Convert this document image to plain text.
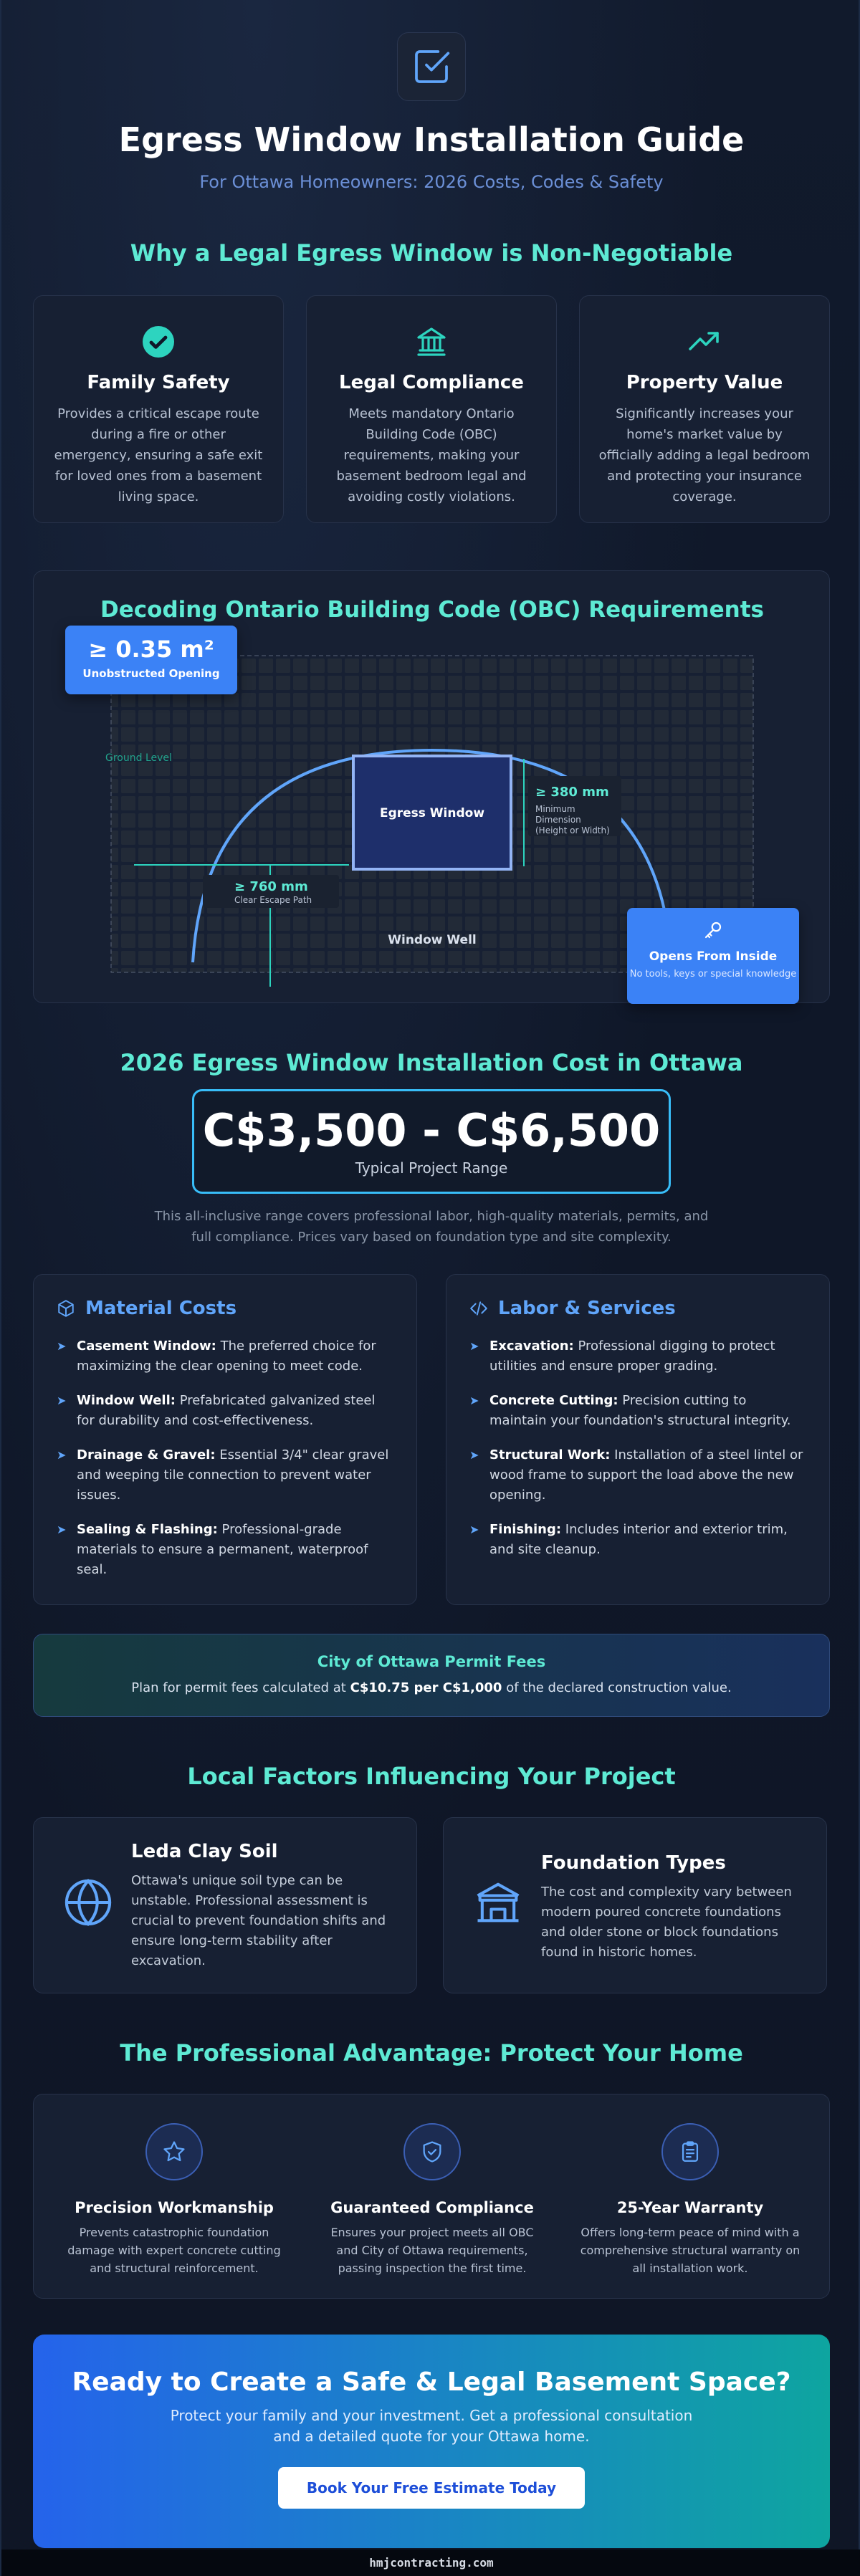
Egress Window Installation Guide
For Ottawa Homeowners: 2026 Costs, Codes & Safety
Why a Legal Egress Window is Non-Negotiable
Family Safety

Provides a critical escape route during a fire or other emergency, ensuring a safe exit for loved ones from a basement living space.

Legal Compliance

Meets mandatory Ontario Building Code (OBC) requirements, making your basement bedroom legal and avoiding costly violations.

Property Value

Significantly increases your home's market value by officially adding a legal bedroom and protecting your insurance coverage.

Decoding Ontario Building Code (OBC) Requirements
Ground Level
Egress Window
≥ 380 mm
Minimum
Dimension
(Height or Width)
≥ 760 mm
Clear Escape Path
Window Well
≥ 0.35 m²
Unobstructed Opening
Opens From Inside
No tools, keys or special knowledge
2026 Egress Window Installation Cost in Ottawa
C$3,500 - C$6,500
Typical Project Range
This all-inclusive range covers professional labor, high-quality materials, permits, and full compliance. Prices vary based on foundation type and site complexity.
Material Costs
➤ Casement Window: The preferred choice for maximizing the clear opening to meet code.
➤ Window Well: Prefabricated galvanized steel for durability and cost-effectiveness.
➤ Drainage & Gravel: Essential 3/4" clear gravel and weeping tile connection to prevent water issues.
➤ Sealing & Flashing: Professional-grade materials to ensure a permanent, waterproof seal.
Labor & Services
➤ Excavation: Professional digging to protect utilities and ensure proper grading.
➤ Concrete Cutting: Precision cutting to maintain your foundation's structural integrity.
➤ Structural Work: Installation of a steel lintel or wood frame to support the load above the new opening.
➤ Finishing: Includes interior and exterior trim, and site cleanup.
City of Ottawa Permit Fees
Plan for permit fees calculated at C$10.75 per C$1,000 of the declared construction value.
Local Factors Influencing Your Project
Leda Clay Soil

Ottawa's unique soil type can be unstable. Professional assessment is crucial to prevent foundation shifts and ensure long-term stability after excavation.

Foundation Types

The cost and complexity vary between modern poured concrete foundations and older stone or block foundations found in historic homes.

The Professional Advantage: Protect Your Home
Precision Workmanship

Prevents catastrophic foundation damage with expert concrete cutting and structural reinforcement.

Guaranteed Compliance

Ensures your project meets all OBC and City of Ottawa requirements, passing inspection the first time.

25-Year Warranty

Offers long-term peace of mind with a comprehensive structural warranty on all installation work.

Ready to Create a Safe & Legal Basement Space?

Protect your family and your investment. Get a professional consultation
and a detailed quote for your Ottawa home.

Book Your Free Estimate Today
hmjcontracting.com
